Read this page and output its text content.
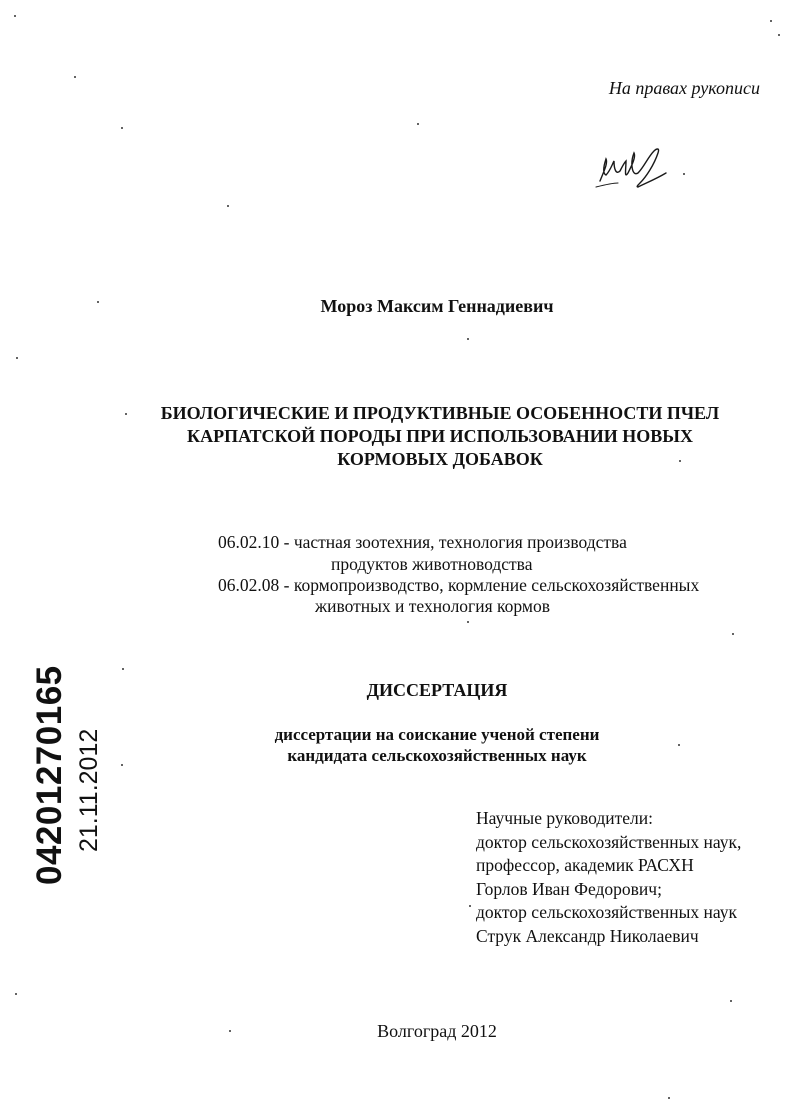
На правах рукописи
Мороз Максим Геннадиевич
БИОЛОГИЧЕСКИЕ И ПРОДУКТИВНЫЕ ОСОБЕННОСТИ ПЧЕЛ
КАРПАТСКОЙ ПОРОДЫ ПРИ ИСПОЛЬЗОВАНИИ НОВЫХ
КОРМОВЫХ ДОБАВОК
06.02.10 - частная зоотехния, технология производства
продуктов животноводства
06.02.08 - кормопроизводство, кормление сельскохозяйственных
животных и технология кормов
ДИССЕРТАЦИЯ
диссертации на соискание ученой степени
кандидата сельскохозяйственных наук
Научные руководители:
доктор сельскохозяйственных наук,
профессор, академик РАСХН
Горлов Иван Федорович;
доктор сельскохозяйственных наук
Струк Александр Николаевич
Волгоград 2012
04201270165 21.11.2012
